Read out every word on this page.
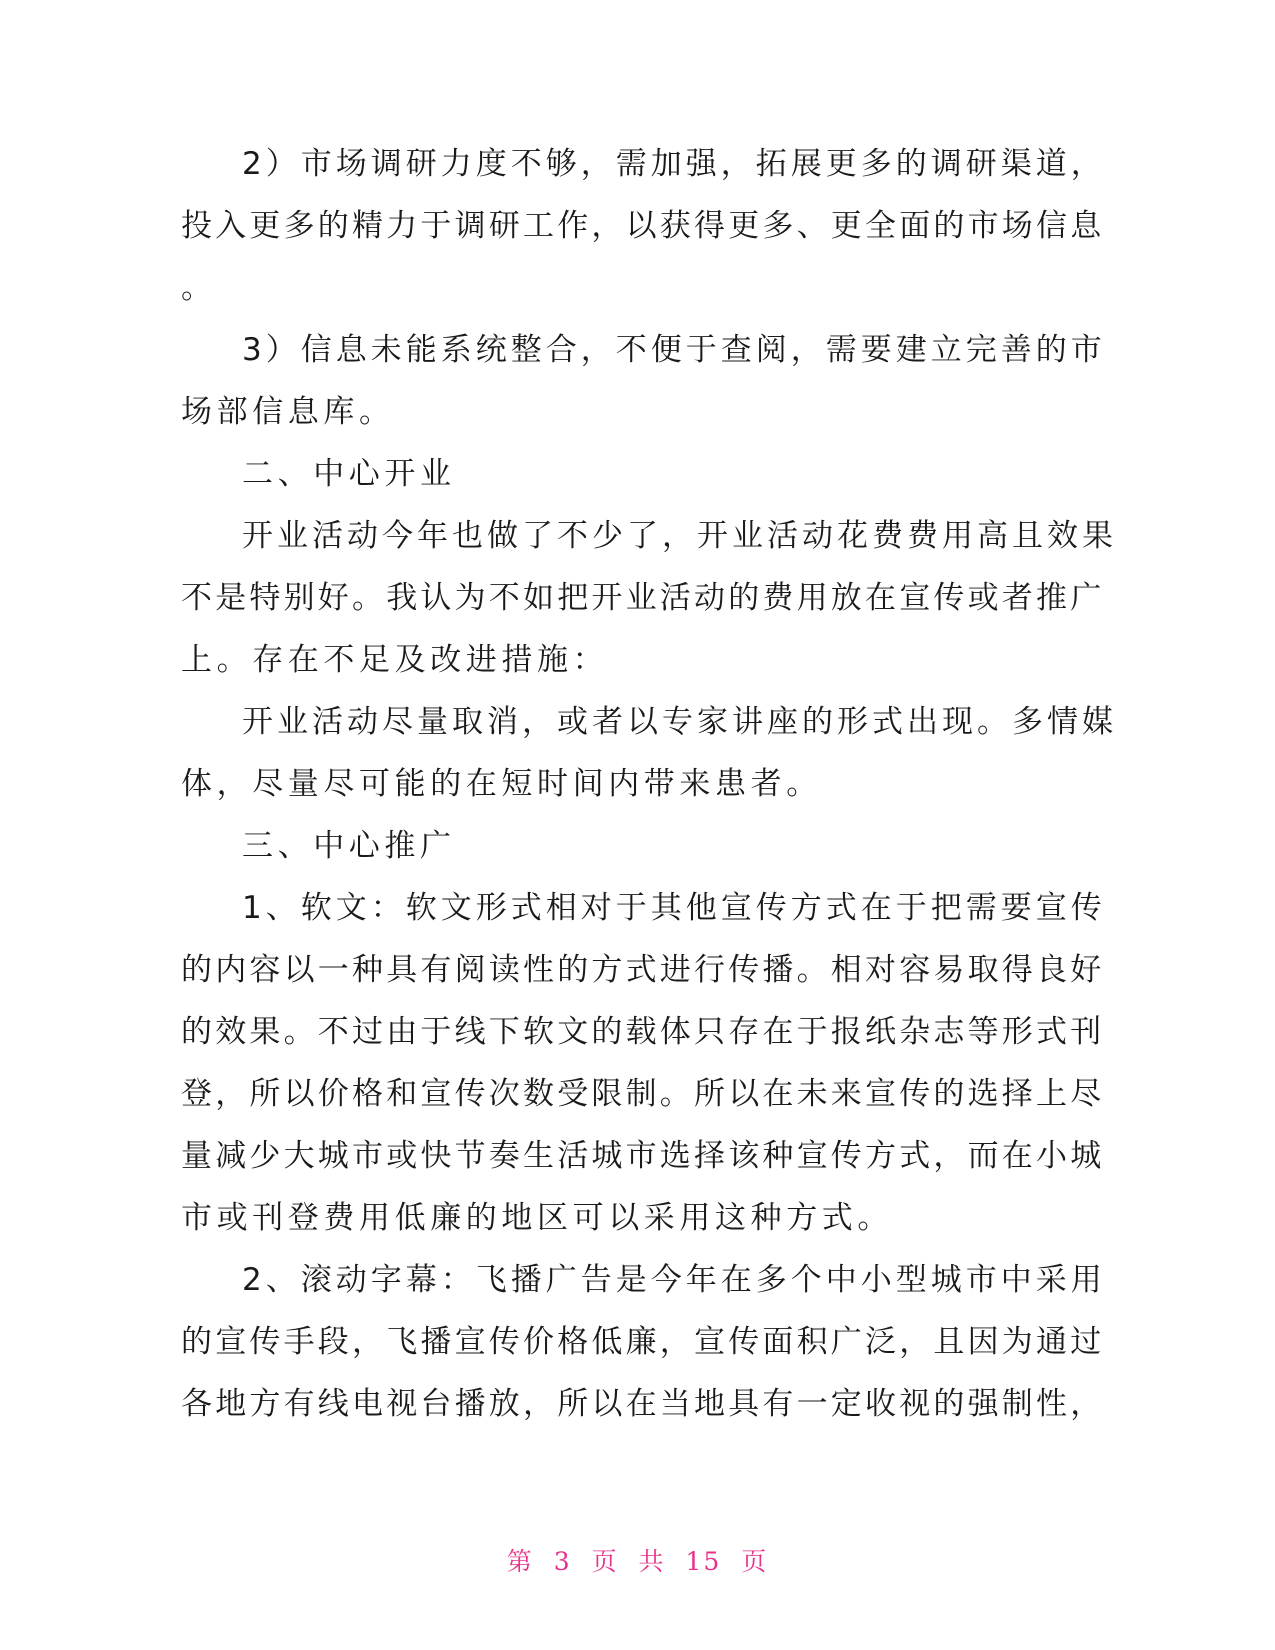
2）市场调研力度不够，需加强，拓展更多的调研渠道，
投入更多的精力于调研工作，以获得更多、更全面的市场信息
。
3）信息未能系统整合，不便于查阅，需要建立完善的市
场部信息库。
二、中心开业
开业活动今年也做了不少了，开业活动花费费用高且效果
不是特别好。我认为不如把开业活动的费用放在宣传或者推广
上。存在不足及改进措施：
开业活动尽量取消，或者以专家讲座的形式出现。多情媒
体，尽量尽可能的在短时间内带来患者。
三、中心推广
1、软文：软文形式相对于其他宣传方式在于把需要宣传
的内容以一种具有阅读性的方式进行传播。相对容易取得良好
的效果。不过由于线下软文的载体只存在于报纸杂志等形式刊
登，所以价格和宣传次数受限制。所以在未来宣传的选择上尽
量减少大城市或快节奏生活城市选择该种宣传方式，而在小城
市或刊登费用低廉的地区可以采用这种方式。
2、滚动字幕：飞播广告是今年在多个中小型城市中采用
的宣传手段，飞播宣传价格低廉，宣传面积广泛，且因为通过
各地方有线电视台播放，所以在当地具有一定收视的强制性，
第 3 页 共 15 页
